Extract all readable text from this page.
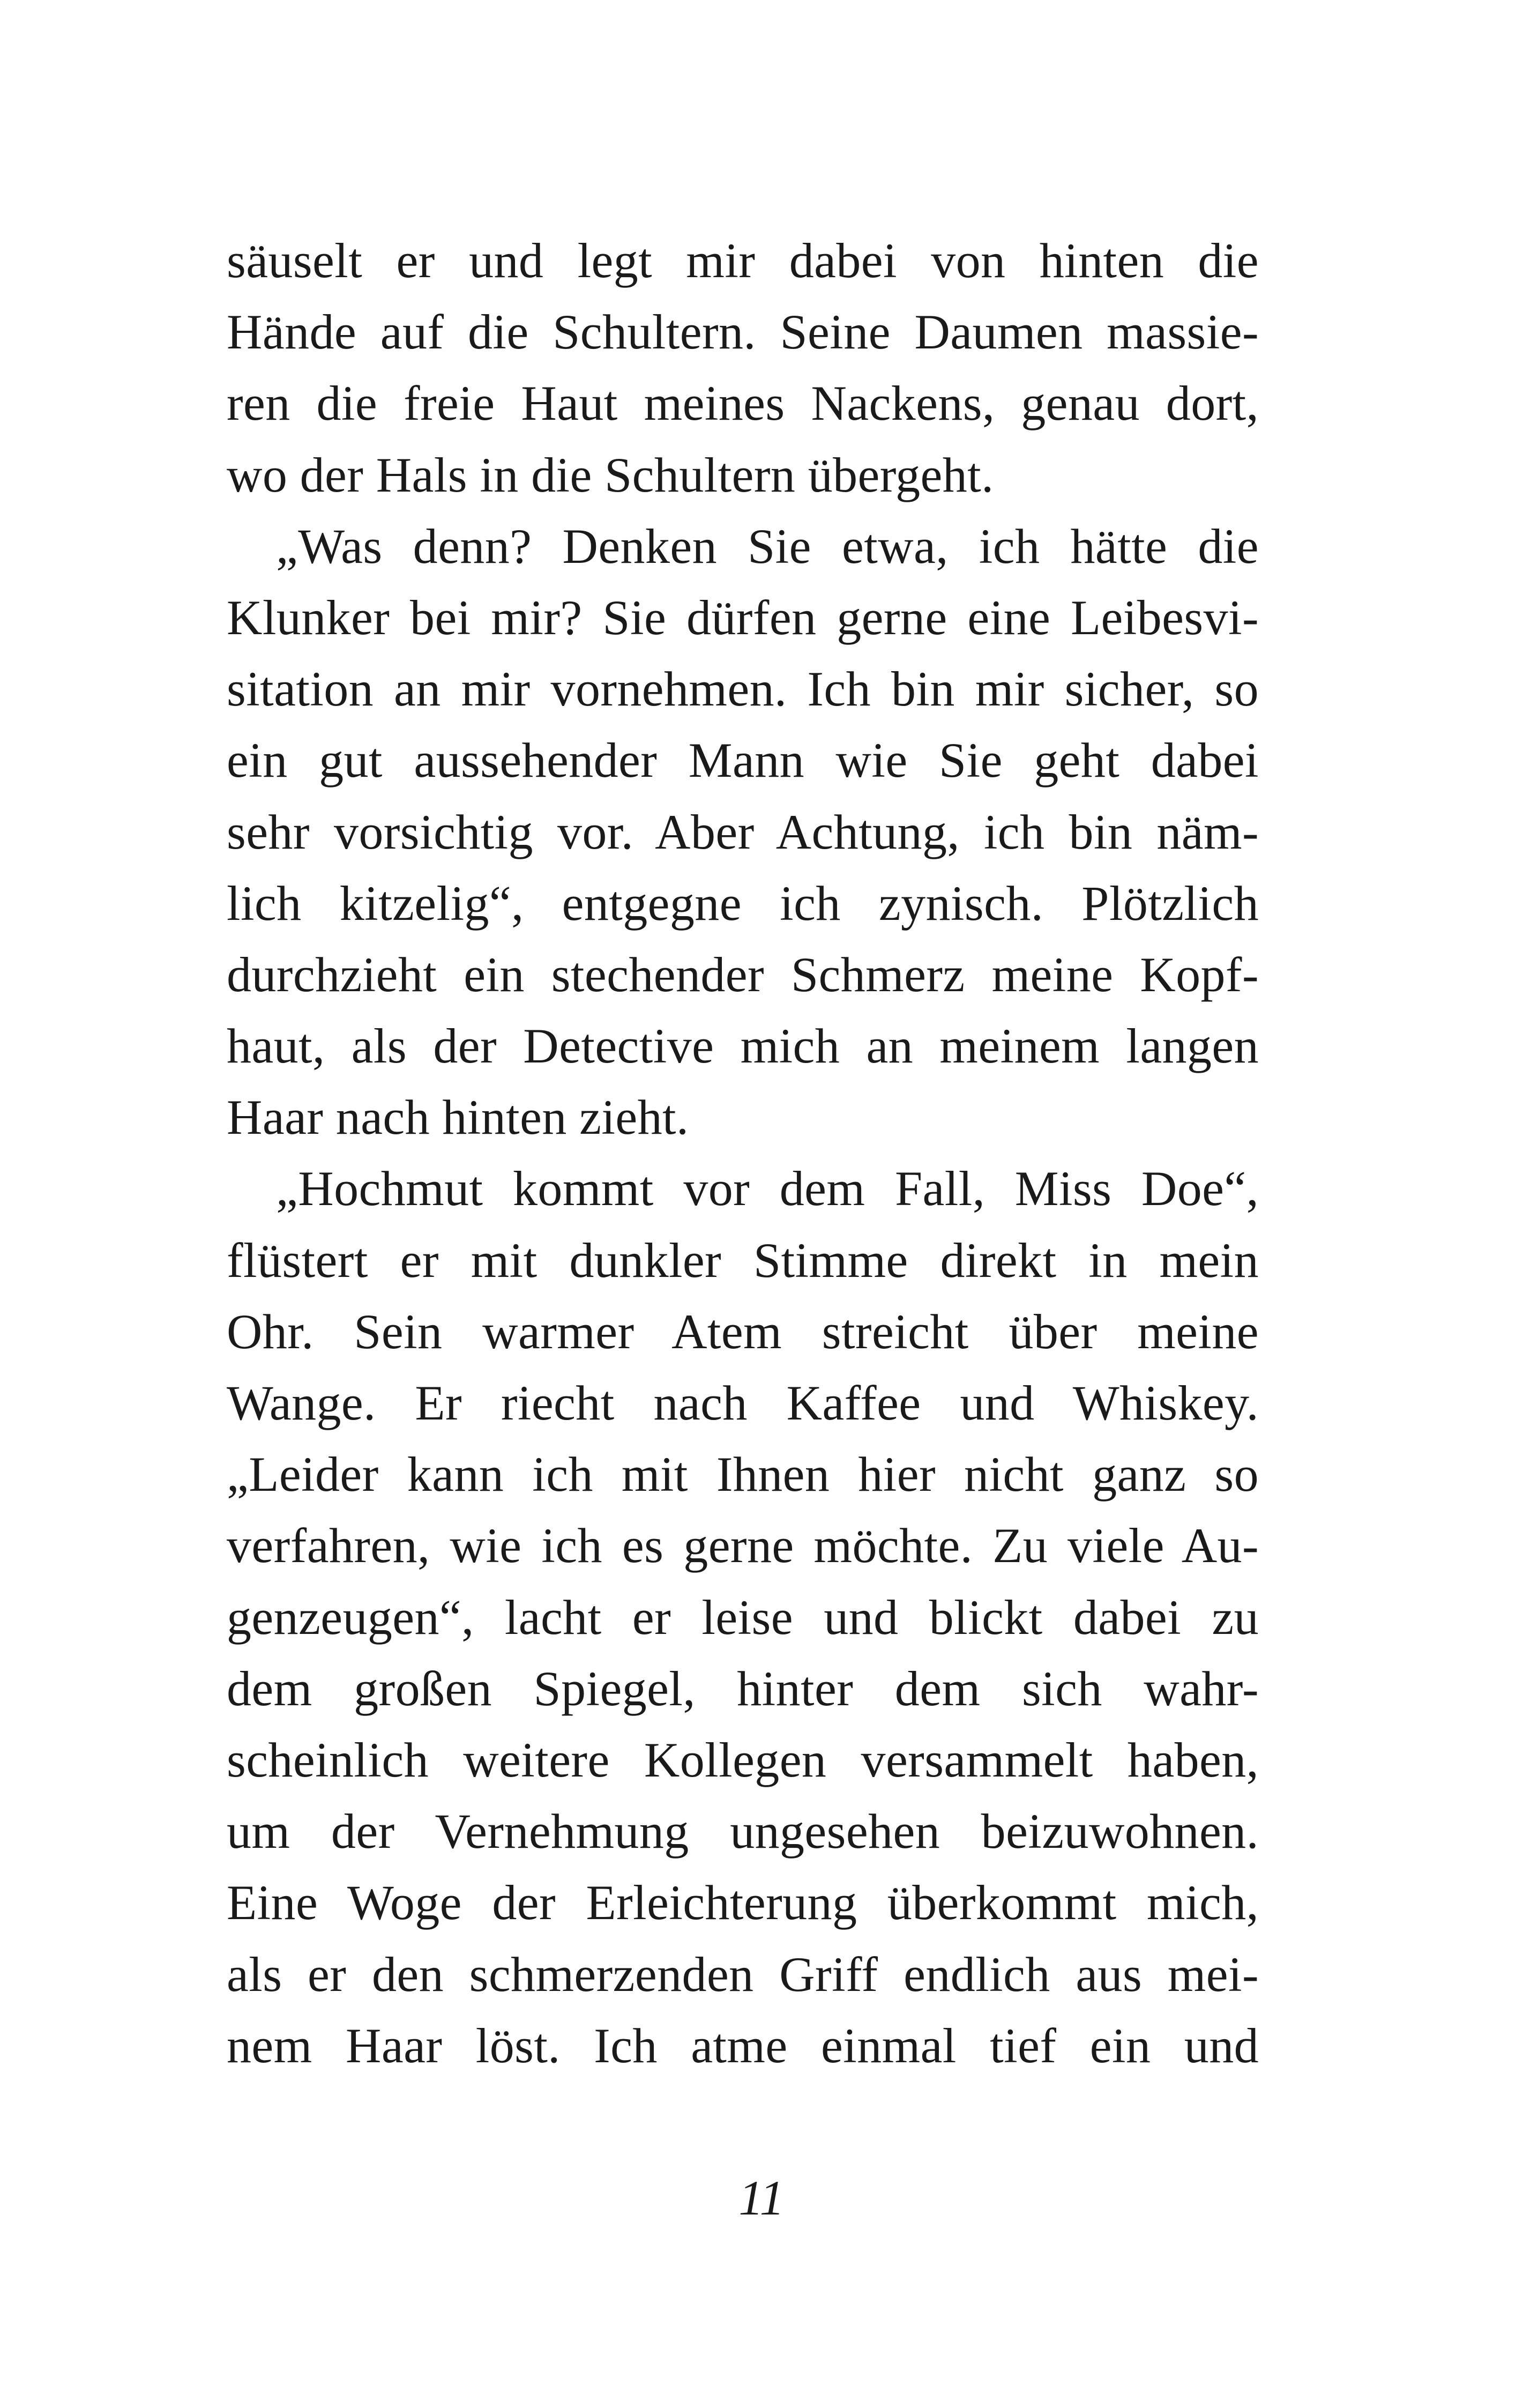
säuselt er und legt mir dabei von hinten die
Hände auf die Schultern. Seine Daumen massie-
ren die freie Haut meines Nackens, genau dort,
wo der Hals in die Schultern übergeht.
„Was denn? Denken Sie etwa, ich hätte die
Klunker bei mir? Sie dürfen gerne eine Leibesvi-
sitation an mir vornehmen. Ich bin mir sicher, so
ein gut aussehender Mann wie Sie geht dabei
sehr vorsichtig vor. Aber Achtung, ich bin näm-
lich kitzelig“, entgegne ich zynisch. Plötzlich
durchzieht ein stechender Schmerz meine Kopf-
haut, als der Detective mich an meinem langen
Haar nach hinten zieht.
„Hochmut kommt vor dem Fall, Miss Doe“,
flüstert er mit dunkler Stimme direkt in mein
Ohr. Sein warmer Atem streicht über meine
Wange. Er riecht nach Kaffee und Whiskey.
„Leider kann ich mit Ihnen hier nicht ganz so
verfahren, wie ich es gerne möchte. Zu viele Au-
genzeugen“, lacht er leise und blickt dabei zu
dem großen Spiegel, hinter dem sich wahr-
scheinlich weitere Kollegen versammelt haben,
um der Vernehmung ungesehen beizuwohnen.
Eine Woge der Erleichterung überkommt mich,
als er den schmerzenden Griff endlich aus mei-
nem Haar löst. Ich atme einmal tief ein und
11
